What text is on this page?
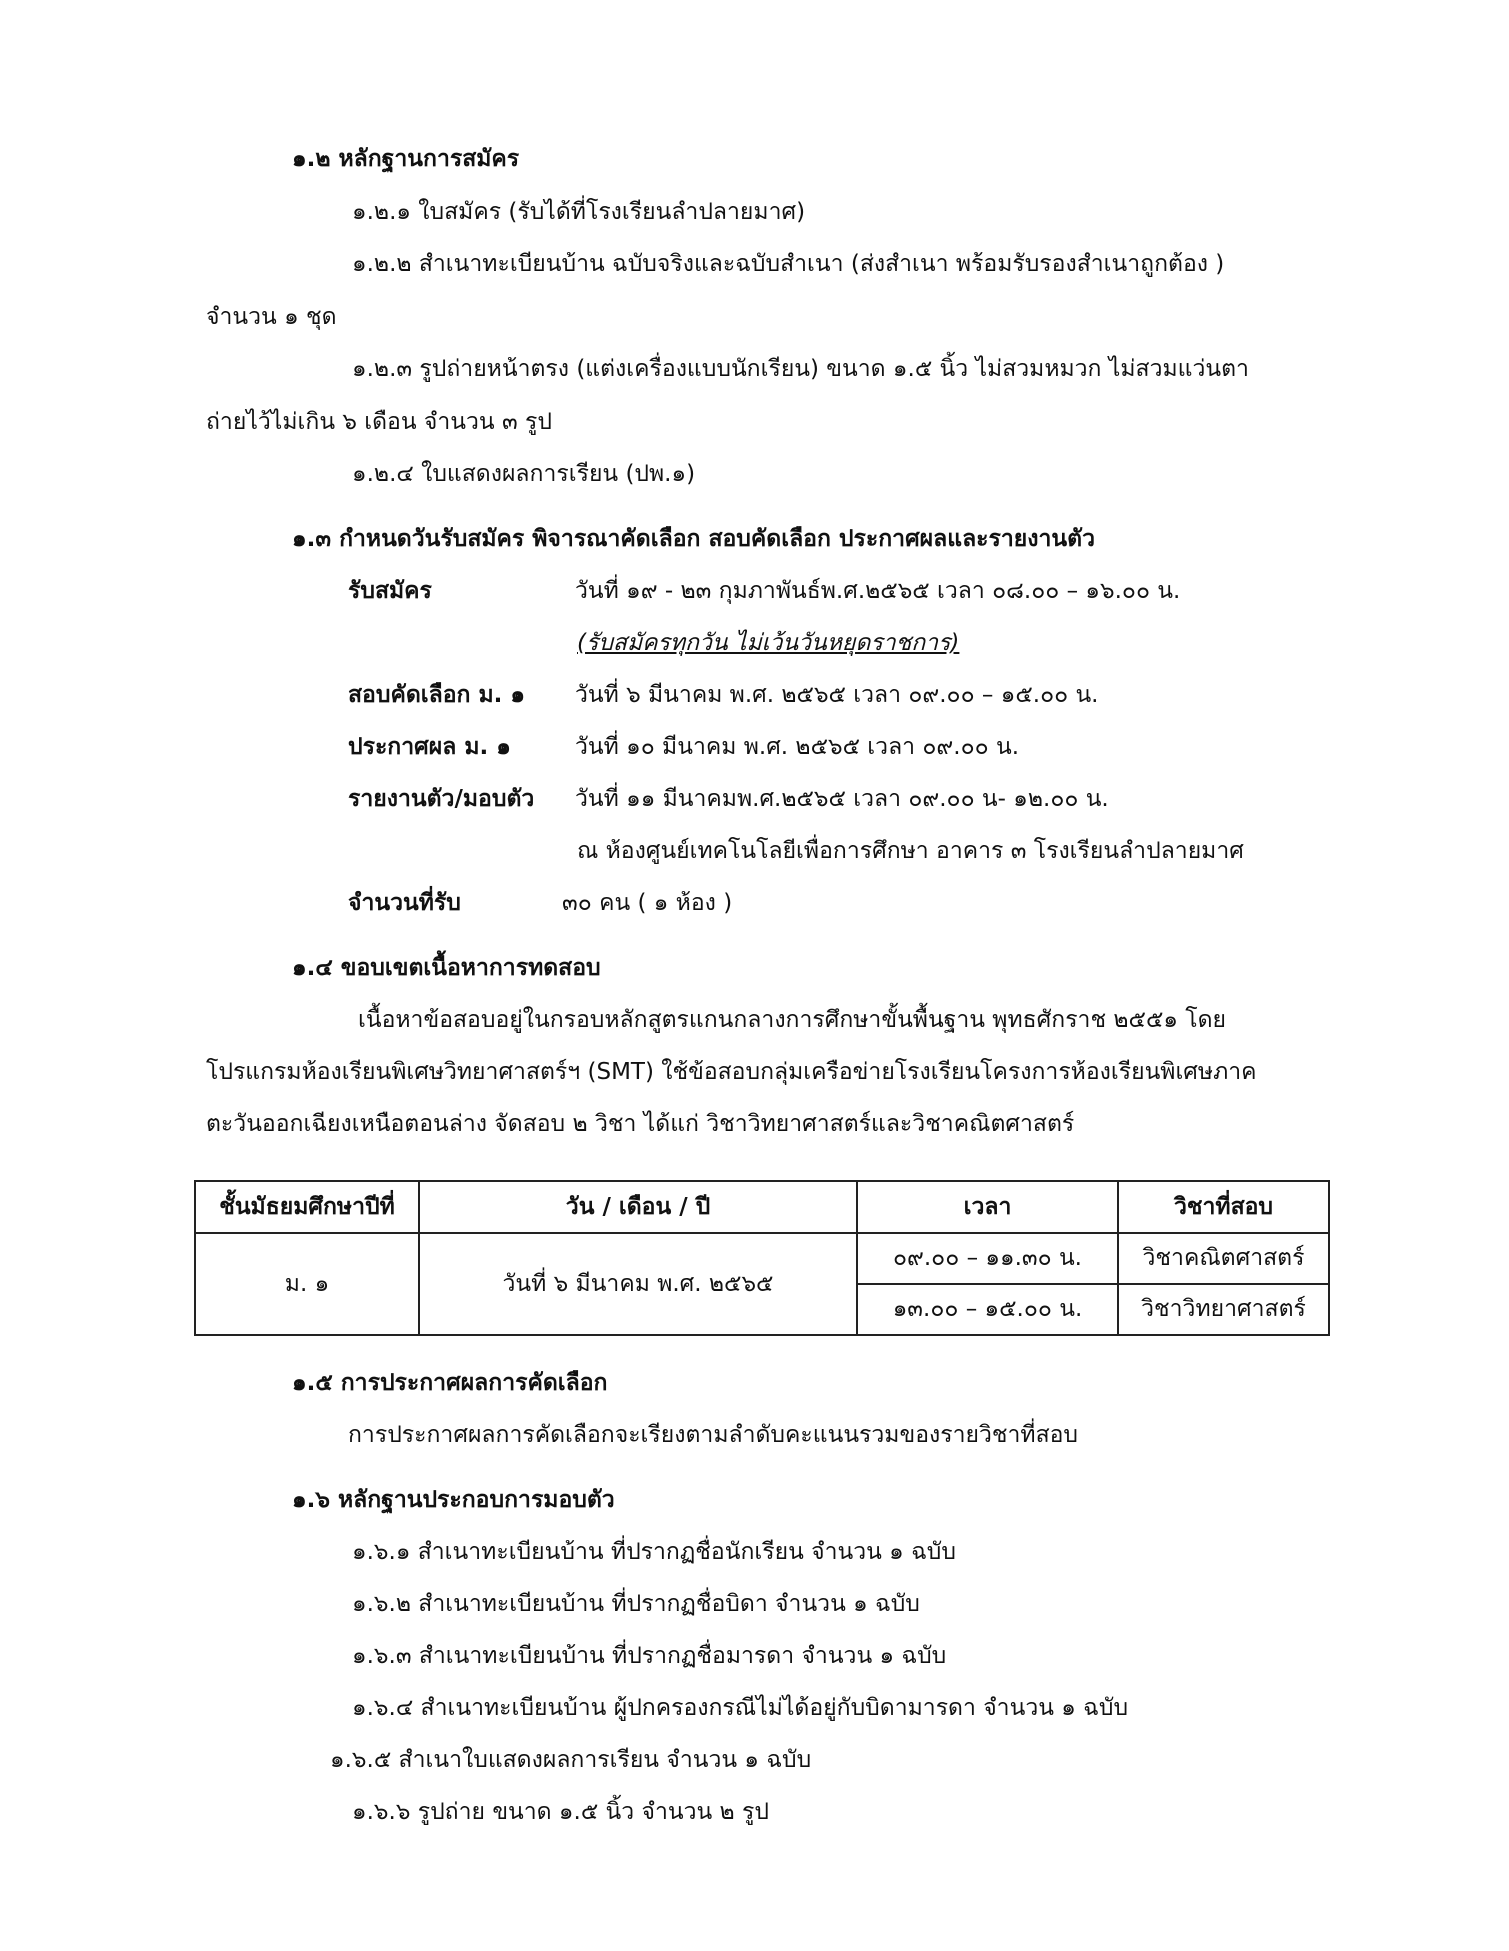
๑.๒ หลักฐานการสมัคร
๑.๒.๑ ใบสมัคร (รับได้ที่โรงเรียนลำปลายมาศ)
๑.๒.๒ สำเนาทะเบียนบ้าน ฉบับจริงและฉบับสำเนา (ส่งสำเนา พร้อมรับรองสำเนาถูกต้อง )
จำนวน ๑ ชุด
๑.๒.๓ รูปถ่ายหน้าตรง (แต่งเครื่องแบบนักเรียน) ขนาด ๑.๕ นิ้ว ไม่สวมหมวก ไม่สวมแว่นตา
ถ่ายไว้ไม่เกิน ๖ เดือน จำนวน ๓ รูป
๑.๒.๔ ใบแสดงผลการเรียน (ปพ.๑)
๑.๓ กำหนดวันรับสมัคร พิจารณาคัดเลือก สอบคัดเลือก ประกาศผลและรายงานตัว
รับสมัคร	วันที่ ๑๙ - ๒๓ กุมภาพันธ์พ.ศ.๒๕๖๕ เวลา ๐๘.๐๐ – ๑๖.๐๐ น.
(รับสมัครทุกวัน ไม่เว้นวันหยุดราชการ)
สอบคัดเลือก ม. ๑ วันที่ ๖ มีนาคม พ.ศ. ๒๕๖๕ เวลา ๐๙.๐๐ – ๑๕.๐๐ น.
ประกาศผล ม. ๑	วันที่ ๑๐ มีนาคม พ.ศ. ๒๕๖๕ เวลา ๐๙.๐๐ น.
รายงานตัว/มอบตัว วันที่ ๑๑ มีนาคมพ.ศ.๒๕๖๕ เวลา ๐๙.๐๐ น- ๑๒.๐๐ น.
ณ ห้องศูนย์เทคโนโลยีเพื่อการศึกษา อาคาร ๓ โรงเรียนลำปลายมาศ
จำนวนที่รับ	๓๐ คน ( ๑ ห้อง )
๑.๔ ขอบเขตเนื้อหาการทดสอบ
เนื้อหาข้อสอบอยู่ในกรอบหลักสูตรแกนกลางการศึกษาขั้นพื้นฐาน พุทธศักราช ๒๕๕๑ โดย
โปรแกรมห้องเรียนพิเศษวิทยาศาสตร์ฯ (SMT) ใช้ข้อสอบกลุ่มเครือข่ายโรงเรียนโครงการห้องเรียนพิเศษภาค
ตะวันออกเฉียงเหนือตอนล่าง จัดสอบ ๒ วิชา ได้แก่ วิชาวิทยาศาสตร์และวิชาคณิตศาสตร์
ชั้นมัธยมศึกษาปีที่	วัน / เดือน / ปี	เวลา	วิชาที่สอบ
ม. ๑	วันที่ ๖ มีนาคม พ.ศ. ๒๕๖๕	๐๙.๐๐ – ๑๑.๓๐ น.	วิชาคณิตศาสตร์
		๑๓.๐๐ – ๑๕.๐๐ น.	วิชาวิทยาศาสตร์
๑.๕ การประกาศผลการคัดเลือก
การประกาศผลการคัดเลือกจะเรียงตามลำดับคะแนนรวมของรายวิชาที่สอบ
๑.๖ หลักฐานประกอบการมอบตัว
๑.๖.๑ สำเนาทะเบียนบ้าน ที่ปรากฏชื่อนักเรียน จำนวน ๑ ฉบับ
๑.๖.๒ สำเนาทะเบียนบ้าน ที่ปรากฏชื่อบิดา จำนวน ๑ ฉบับ
๑.๖.๓ สำเนาทะเบียนบ้าน ที่ปรากฏชื่อมารดา จำนวน ๑ ฉบับ
๑.๖.๔ สำเนาทะเบียนบ้าน ผู้ปกครองกรณีไม่ได้อยู่กับบิดามารดา จำนวน ๑ ฉบับ
๑.๖.๕ สำเนาใบแสดงผลการเรียน จำนวน ๑ ฉบับ
๑.๖.๖ รูปถ่าย ขนาด ๑.๕ นิ้ว จำนวน ๒ รูป
